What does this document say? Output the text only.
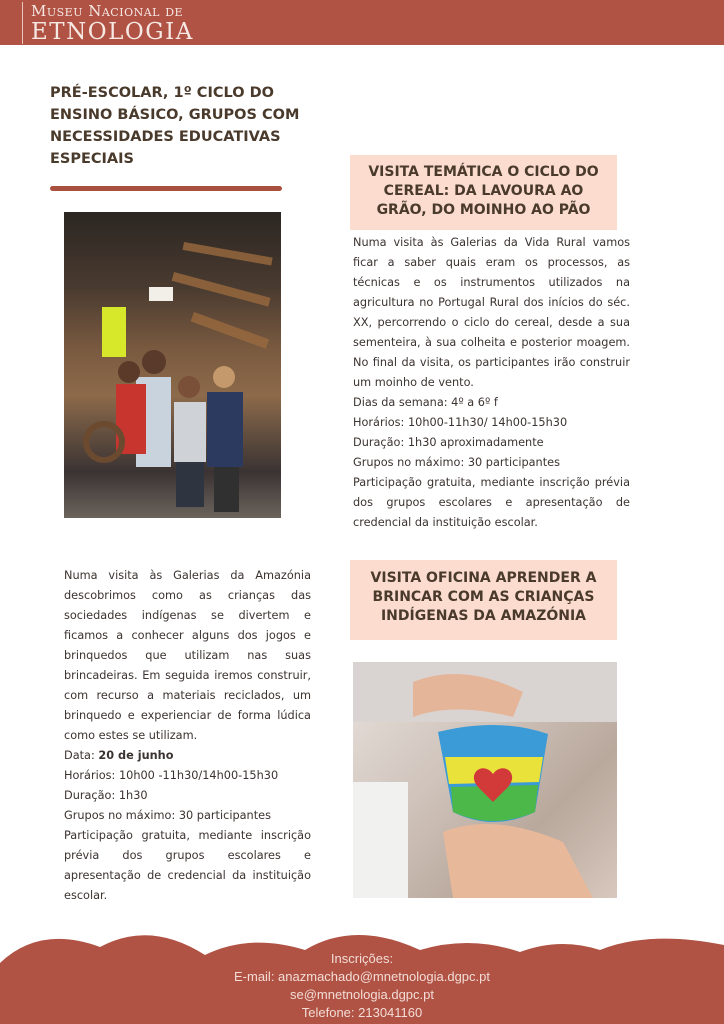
Museu Nacional de
ETNOLOGIA
PRÉ-ESCOLAR, 1º CICLO DO ENSINO BÁSICO, GRUPOS COM NECESSIDADES EDUCATIVAS ESPECIAIS
VISITA TEMÁTICA O CICLO DO CEREAL: DA LAVOURA AO GRÃO, DO MOINHO AO PÃO

Numa visita às Galerias da Vida Rural vamos ficar a saber quais eram os processos, as técnicas e os instrumentos utilizados na agricultura no Portugal Rural dos inícios do séc. XX, percorrendo o ciclo do cereal, desde a sua sementeira, à sua colheita e posterior moagem. No final da visita, os participantes irão construir um moinho de vento.

Dias da semana: 4º a 6º f

Horários: 10h00-11h30/ 14h00-15h30

Duração: 1h30 aproximadamente

Grupos no máximo: 30 participantes

Participação gratuita, mediante inscrição prévia dos grupos escolares e apresentação de credencial da instituição escolar.

Numa visita às Galerias da Amazónia descobrimos como as crianças das sociedades indígenas se divertem e ficamos a conhecer alguns dos jogos e brinquedos que utilizam nas suas brincadeiras. Em seguida iremos construir, com recurso a materiais reciclados, um brinquedo e experienciar de forma lúdica como estes se utilizam.

Data: 20 de junho

Horários: 10h00 -11h30/14h00-15h30

Duração: 1h30

Grupos no máximo: 30 participantes

Participação gratuita, mediante inscrição prévia dos grupos escolares e apresentação de credencial da instituição escolar.

VISITA OFICINA APRENDER A BRINCAR COM AS CRIANÇAS INDÍGENAS DA AMAZÓNIA
Inscrições:
E-mail: anazmachado@mnetnologia.dgpc.pt
se@mnetnologia.dgpc.pt
Telefone: 213041160
